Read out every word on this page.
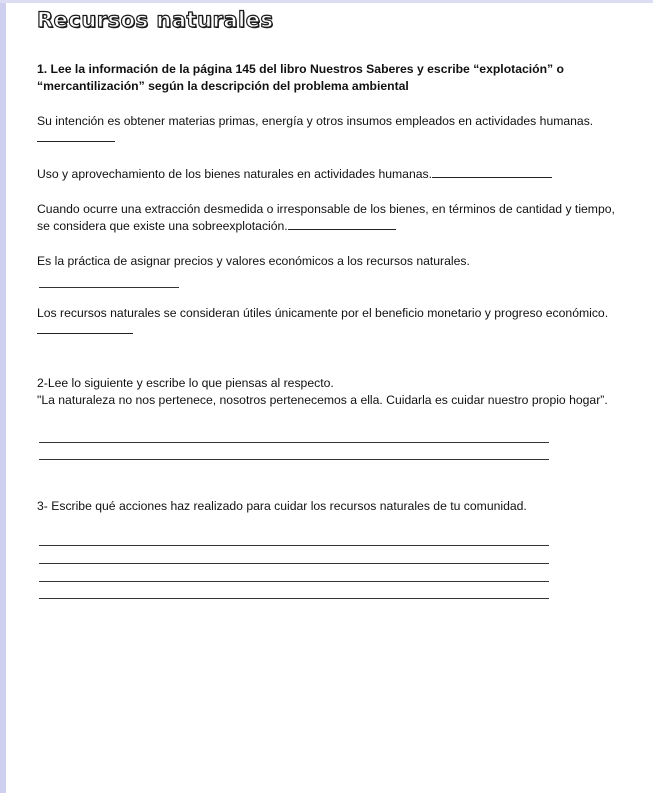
Recursos naturales

1. Lee la información de la página 145 del libro Nuestros Saberes y escribe “explotación” o “mercantilización” según la descripción del problema ambiental

Su intención es obtener materias primas, energía y otros insumos empleados en actividades humanas.

Uso y aprovechamiento de los bienes naturales en actividades humanas.

Cuando ocurre una extracción desmedida o irresponsable de los bienes, en términos de cantidad y tiempo, se considera que existe una sobreexplotación.

Es la práctica de asignar precios y valores económicos a los recursos naturales.

Los recursos naturales se consideran útiles únicamente por el beneficio monetario y progreso económico.

2-Lee lo siguiente y escribe lo que piensas al respecto.

"La naturaleza no nos pertenece, nosotros pertenecemos a ella. Cuidarla es cuidar nuestro propio hogar”.

3- Escribe qué acciones haz realizado para cuidar los recursos naturales de tu comunidad.
